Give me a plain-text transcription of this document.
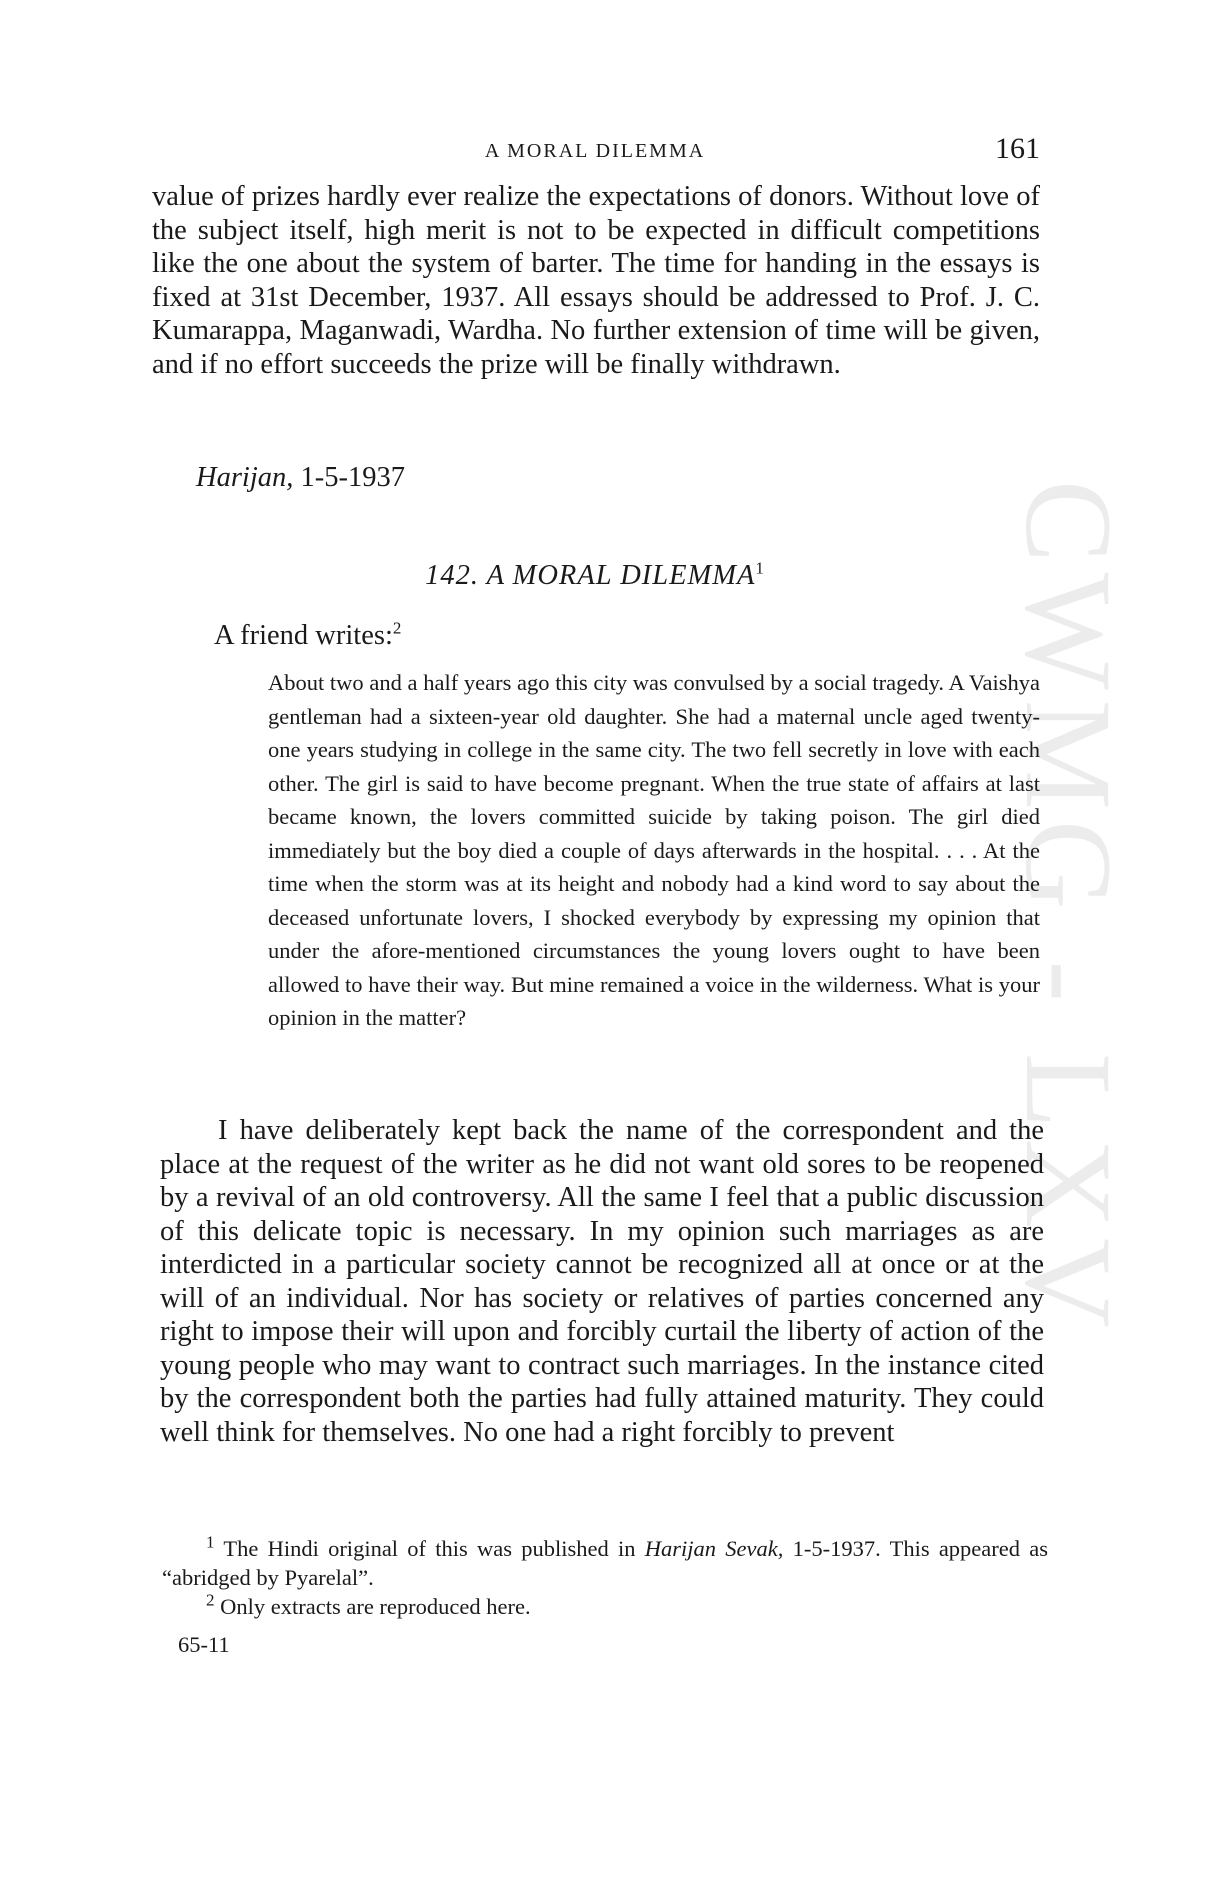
A MORAL DILEMMA	161
CWMG - LXV

value of prizes hardly ever realize the expectations of donors. Without love of the subject itself, high merit is not to be expected in difficult competitions like the one about the system of barter. The time for handing in the essays is fixed at 31st December, 1937. All essays should be addressed to Prof. J. C. Kumarappa, Maganwadi, Wardha. No further extension of time will be given, and if no effort succeeds the prize will be finally withdrawn.

Harijan, 1-5-1937
142. A MORAL DILEMMA$^1$
A friend writes:$^2$

About two and a half years ago this city was convulsed by a social tragedy. A Vaishya gentleman had a sixteen-year old daughter. She had a maternal uncle aged twenty-one years studying in college in the same city. The two fell secretly in love with each other. The girl is said to have become pregnant. When the true state of affairs at last became known, the lovers committed suicide by taking poison. The girl died immediately but the boy died a couple of days afterwards in the hospital. . . . At the time when the storm was at its height and nobody had a kind word to say about the deceased unfortunate lovers, I shocked everybody by expressing my opinion that under the afore-mentioned circumstances the young lovers ought to have been allowed to have their way. But mine remained a voice in the wilderness. What is your opinion in the matter?

I have deliberately kept back the name of the correspondent and the place at the request of the writer as he did not want old sores to be reopened by a revival of an old controversy. All the same I feel that a public discussion of this delicate topic is necessary. In my opinion such marriages as are interdicted in a particular society cannot be recognized all at once or at the will of an individual. Nor has society or relatives of parties concerned any right to impose their will upon and forcibly curtail the liberty of action of the young people who may want to contract such marriages. In the instance cited by the correspondent both the parties had fully attained maturity. They could well think for themselves. No one had a right forcibly to prevent

$^1$ The Hindi original of this was published in Harijan Sevak, 1-5-1937. This appeared as “abridged by Pyarelal”.

$^2$ Only extracts are reproduced here.

65-11
